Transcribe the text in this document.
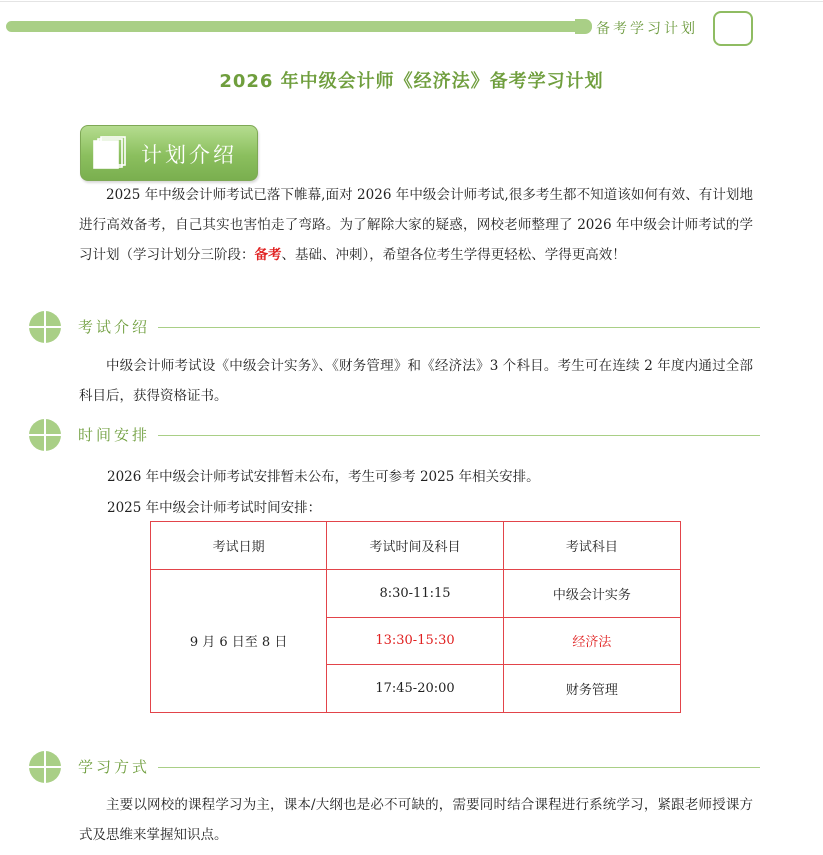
备考学习计划
2026 年中级会计师《经济法》备考学习计划
计划介绍

2025 年中级会计师考试已落下帷幕,面对 2026 年中级会计师考试,很多考生都不知道该如何有效、有计划地进行高效备考，自己其实也害怕走了弯路。为了解除大家的疑惑，网校老师整理了 2026 年中级会计师考试的学习计划（学习计划分三阶段：备考、基础、冲刺），希望各位考生学得更轻松、学得更高效！

考试介绍

中级会计师考试设《中级会计实务》、《财务管理》和《经济法》3 个科目。考生可在连续 2 年度内通过全部科目后，获得资格证书。

时间安排
2026 年中级会计师考试安排暂未公布，考生可参考 2025 年相关安排。
2025 年中级会计师考试时间安排：
考试日期	考试时间及科目	考试科目
9 月 6 日至 8 日	8:30-11:15	中级会计实务
	13:30-15:30	经济法
	17:45-20:00	财务管理
学习方式

主要以网校的课程学习为主，课本/大纲也是必不可缺的，需要同时结合课程进行系统学习，紧跟老师授课方式及思维来掌握知识点。
